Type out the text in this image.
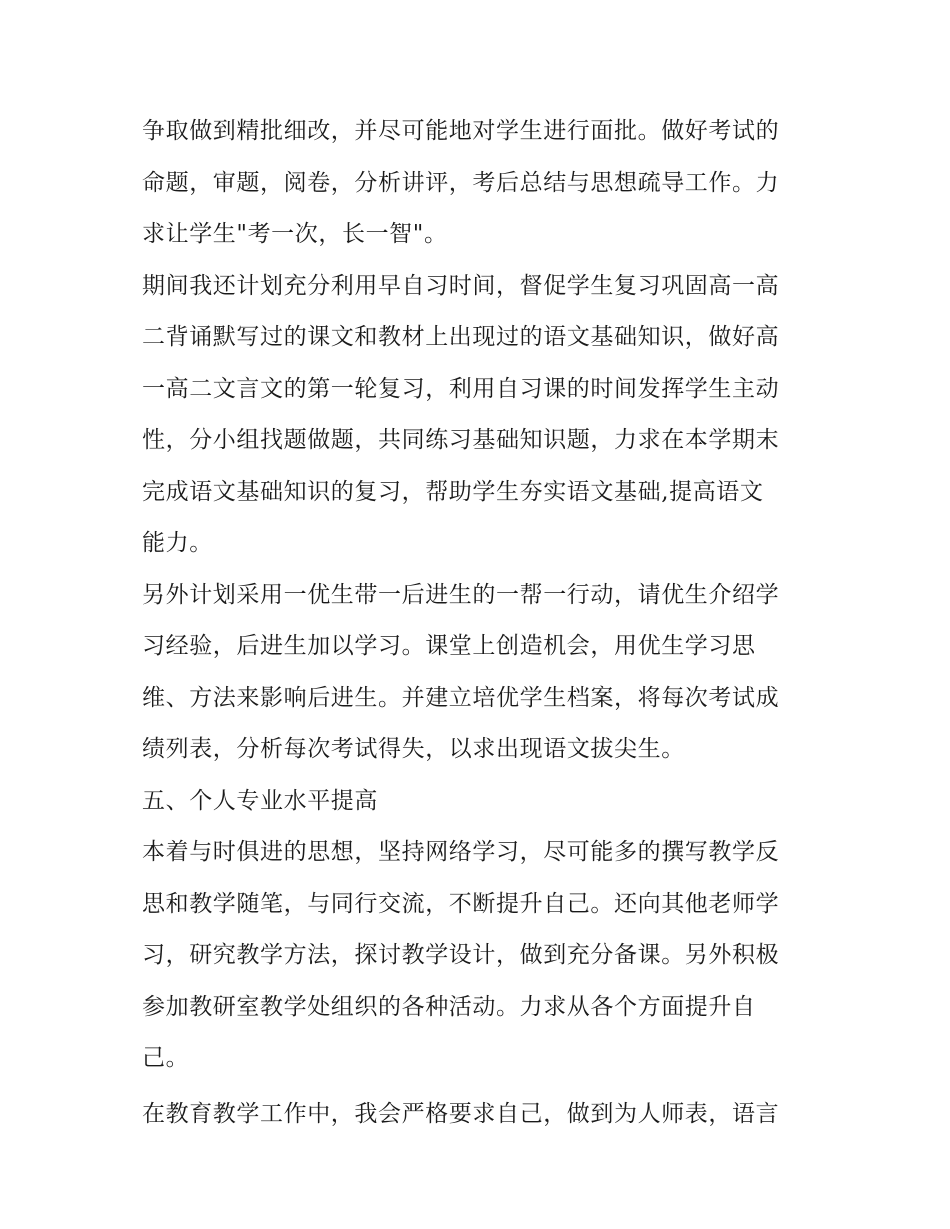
争取做到精批细改，并尽可能地对学生进行面批。做好考试的
命题，审题，阅卷，分析讲评，考后总结与思想疏导工作。力
求让学生"考一次，长一智"。
期间我还计划充分利用早自习时间，督促学生复习巩固高一高
二背诵默写过的课文和教材上出现过的语文基础知识，做好高
一高二文言文的第一轮复习，利用自习课的时间发挥学生主动
性，分小组找题做题，共同练习基础知识题，力求在本学期末
完成语文基础知识的复习，帮助学生夯实语文基础,提高语文
能力。
另外计划采用一优生带一后进生的一帮一行动，请优生介绍学
习经验，后进生加以学习。课堂上创造机会，用优生学习思
维、方法来影响后进生。并建立培优学生档案，将每次考试成
绩列表，分析每次考试得失，以求出现语文拔尖生。
五、个人专业水平提高
本着与时俱进的思想，坚持网络学习，尽可能多的撰写教学反
思和教学随笔，与同行交流，不断提升自己。还向其他老师学
习，研究教学方法，探讨教学设计，做到充分备课。另外积极
参加教研室教学处组织的各种活动。力求从各个方面提升自
己。
在教育教学工作中，我会严格要求自己，做到为人师表，语言
